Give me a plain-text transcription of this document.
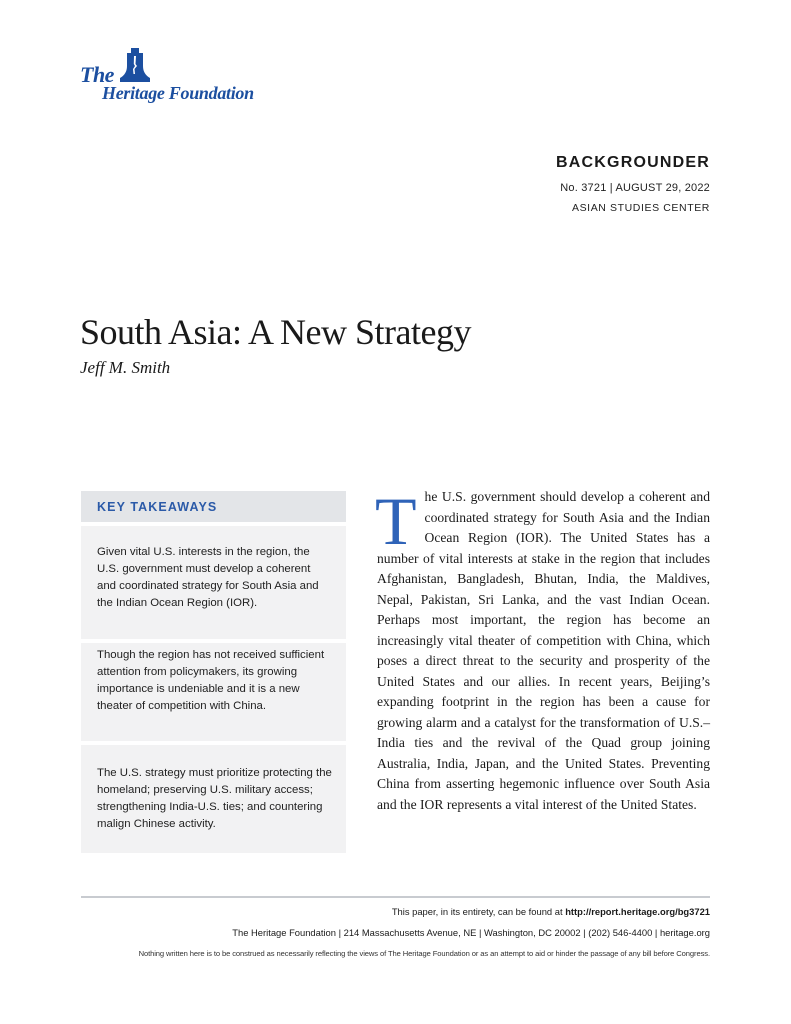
The
Heritage Foundation
BACKGROUNDER
No. 3721 | AUGUST 29, 2022
ASIAN STUDIES CENTER
South Asia: A New Strategy
Jeff M. Smith
KEY TAKEAWAYS
Given vital U.S. interests in the region, the U.S. government must develop a coherent and coordinated strategy for South Asia and the Indian Ocean Region (IOR).
Though the region has not received sufficient attention from policymakers, its growing importance is undeniable and it is a new theater of competition with China.
The U.S. strategy must prioritize protecting the homeland; preserving U.S. military access; strengthening India-U.S. ties; and countering malign Chinese activity.
T he U.S. government should develop a coherent and coordinated strategy for South Asia and the Indian Ocean Region (IOR). The United States has a number of vital interests at stake in the region that includes Afghanistan, Bangladesh, Bhutan, India, the Maldives, Nepal, Pakistan, Sri Lanka, and the vast Indian Ocean. Perhaps most important, the region has become an increasingly vital theater of competition with China, which poses a direct threat to the security and prosperity of the United States and our allies. In recent years, Beijing’s expanding footprint in the region has been a cause for growing alarm and a catalyst for the transformation of U.S.–India ties and the revival of the Quad group joining Australia, India, Japan, and the United States. Preventing China from asserting hegemonic influence over South Asia and the IOR represents a vital interest of the United States.

This paper, in its entirety, can be found at http://report.heritage.org/bg3721
The Heritage Foundation | 214 Massachusetts Avenue, NE | Washington, DC 20002 | (202) 546-4400 | heritage.org
Nothing written here is to be construed as necessarily reflecting the views of The Heritage Foundation or as an attempt to aid or hinder the passage of any bill before Congress.
